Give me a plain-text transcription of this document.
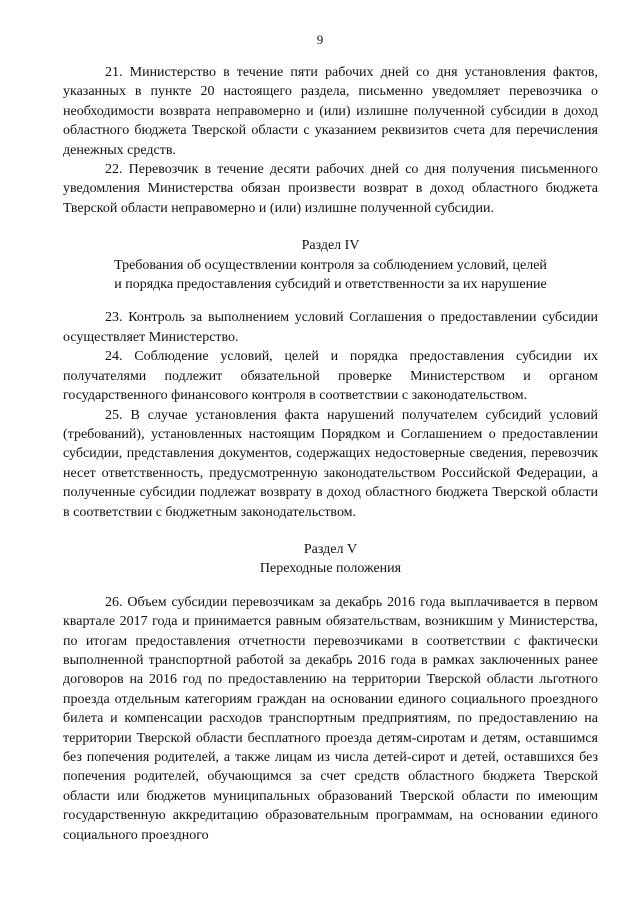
9

21. Министерство в течение пяти рабочих дней со дня установления фактов, указанных в пункте 20 настоящего раздела, письменно уведомляет перевозчика о необходимости возврата неправомерно и (или) излишне полученной субсидии в доход областного бюджета Тверской области с указанием реквизитов счета для перечисления денежных средств.

22. Перевозчик в течение десяти рабочих дней со дня получения письменного уведомления Министерства обязан произвести возврат в доход областного бюджета Тверской области неправомерно и (или) излишне полученной субсидии.

Раздел IV

Требования об осуществлении контроля за соблюдением условий, целей

и порядка предоставления субсидий и ответственности за их нарушение

23. Контроль за выполнением условий Соглашения о предоставлении субсидии осуществляет Министерство.

24. Соблюдение условий, целей и порядка предоставления субсидии их получателями подлежит обязательной проверке Министерством и органом государственного финансового контроля в соответствии с законодательством.

25. В случае установления факта нарушений получателем субсидий условий (требований), установленных настоящим Порядком и Соглашением о предоставлении субсидии, представления документов, содержащих недостоверные сведения, перевозчик несет ответственность, предусмотренную законодательством Российской Федерации, а полученные субсидии подлежат возврату в доход областного бюджета Тверской области в соответствии с бюджетным законодательством.

Раздел V

Переходные положения

26. Объем субсидии перевозчикам за декабрь 2016 года выплачивается в первом квартале 2017 года и принимается равным обязательствам, возникшим у Министерства, по итогам предоставления отчетности перевозчиками в соответствии с фактически выполненной транспортной работой за декабрь 2016 года в рамках заключенных ранее договоров на 2016 год по предоставлению на территории Тверской области льготного проезда отдельным категориям граждан на основании единого социального проездного билета и компенсации расходов транспортным предприятиям, по предоставлению на территории Тверской области бесплатного проезда детям-сиротам и детям, оставшимся без попечения родителей, а также лицам из числа детей-сирот и детей, оставшихся без попечения родителей, обучающимся за счет средств областного бюджета Тверской области или бюджетов муниципальных образований Тверской области по имеющим государственную аккредитацию образовательным программам, на основании единого социального проездного
